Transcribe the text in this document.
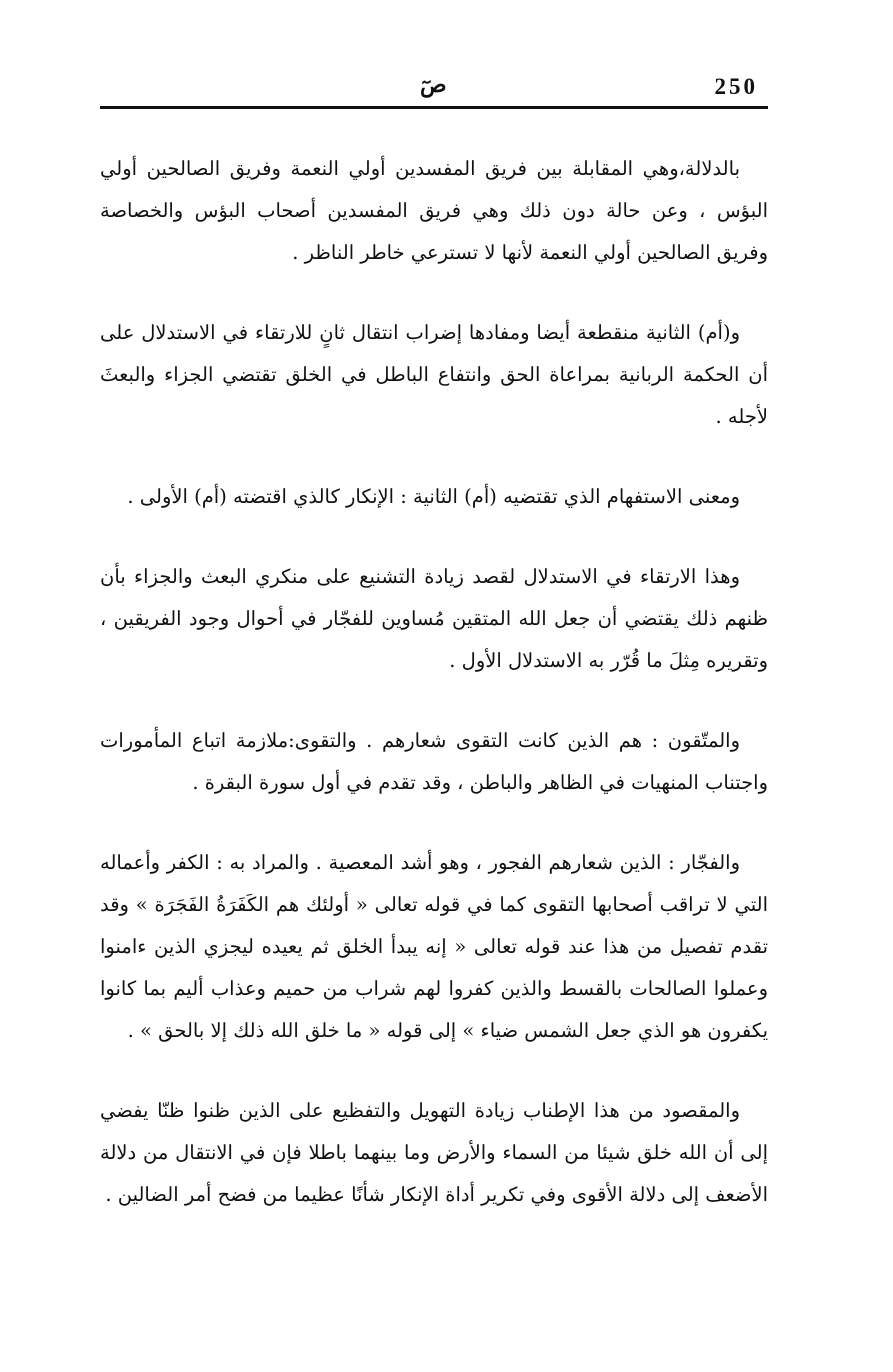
صٓ	250

بالدلالة،وهي المقابلة بين فريق المفسدين أولي النعمة وفريق الصالحين أولي البؤس ، وعن حالة دون ذلك وهي فريق المفسدين أصحاب البؤس والخصاصة وفريق الصالحين أولي النعمة لأنها لا تسترعي خاطر الناظر .

و(أم) الثانية منقطعة أيضا ومفادها إضراب انتقال ثانٍ للارتقاء في الاستدلال على أن الحكمة الربانية بمراعاة الحق وانتفاع الباطل في الخلق تقتضي الجزاء والبعثَ لأجله .

ومعنى الاستفهام الذي تقتضيه (أم) الثانية : الإنكار كالذي اقتضته (أم) الأولى .

وهذا الارتقاء في الاستدلال لقصد زيادة التشنيع على منكري البعث والجزاء بأن ظنهم ذلك يقتضي أن جعل الله المتقين مُساوين للفجّار في أحوال وجود الفريقين ، وتقريره مِثلَ ما قُرّر به الاستدلال الأول .

والمتّقون : هم الذين كانت التقوى شعارهم . والتقوى:ملازمة اتباع المأمورات واجتناب المنهيات في الظاهر والباطن ، وقد تقدم في أول سورة البقرة .

والفجّار : الذين شعارهم الفجور ، وهو أشد المعصية . والمراد به : الكفر وأعماله التي لا تراقب أصحابها التقوى كما في قوله تعالى « أولئك هم الكَفَرَةُ الفَجَرَة » وقد تقدم تفصيل من هذا عند قوله تعالى « إنه يبدأ الخلق ثم يعيده ليجزي الذين ءامنوا وعملوا الصالحات بالقسط والذين كفروا لهم شراب من حميم وعذاب أليم بما كانوا يكفرون هو الذي جعل الشمس ضياء » إلى قوله « ما خلق الله ذلك إلا بالحق » .

والمقصود من هذا الإطناب زيادة التهويل والتفظيع على الذين ظنوا ظنّا يفضي إلى أن الله خلق شيئا من السماء والأرض وما بينهما باطلا فإن في الانتقال من دلالة الأضعف إلى دلالة الأقوى وفي تكرير أداة الإنكار شأنًا عظيما من فضح أمر الضالين .
